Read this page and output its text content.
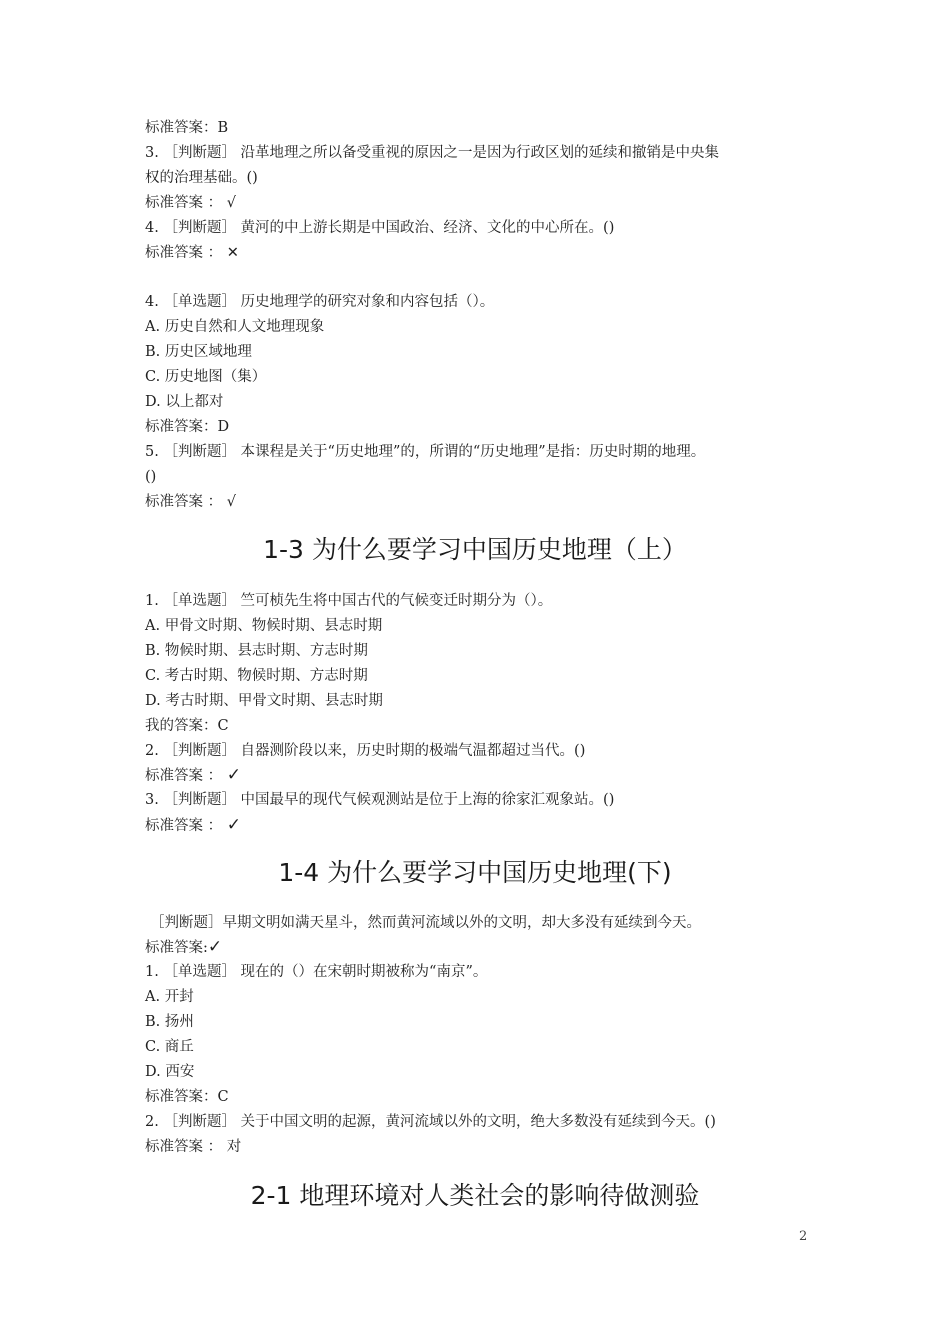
标准答案：B
3. ［判断题］ 沿革地理之所以备受重视的原因之一是因为行政区划的延续和撤销是中央集
权的治理基础。()
标准答案 ： √
4. ［判断题］ 黄河的中上游长期是中国政治、经济、文化的中心所在。()
标准答案 ： ✕
4. ［单选题］ 历史地理学的研究对象和内容包括（）。
A. 历史自然和人文地理现象
B. 历史区域地理
C. 历史地图（集）
D. 以上都对
标准答案：D
5. ［判断题］ 本课程是关于“历史地理”的，所谓的“历史地理”是指：历史时期的地理。
()
标准答案 ： √
1-3 为什么要学习中国历史地理（上）
1. ［单选题］ 竺可桢先生将中国古代的气候变迁时期分为（）。
A. 甲骨文时期、物候时期、县志时期
B. 物候时期、县志时期、方志时期
C. 考古时期、物候时期、方志时期
D. 考古时期、甲骨文时期、县志时期
我的答案：C
2. ［判断题］ 自器测阶段以来，历史时期的极端气温都超过当代。()
标准答案 ： ✓
3. ［判断题］ 中国最早的现代气候观测站是位于上海的徐家汇观象站。()
标准答案 ： ✓
1-4 为什么要学习中国历史地理(下)
［判断题］早期文明如满天星斗，然而黄河流域以外的文明，却大多没有延续到今天。
标准答案:✓
1. ［单选题］ 现在的（）在宋朝时期被称为“南京”。
A. 开封
B. 扬州
C. 商丘
D. 西安
标准答案：C
2. ［判断题］ 关于中国文明的起源，黄河流域以外的文明，绝大多数没有延续到今天。()
标准答案 ： 对
2-1 地理环境对人类社会的影响待做测验
2
